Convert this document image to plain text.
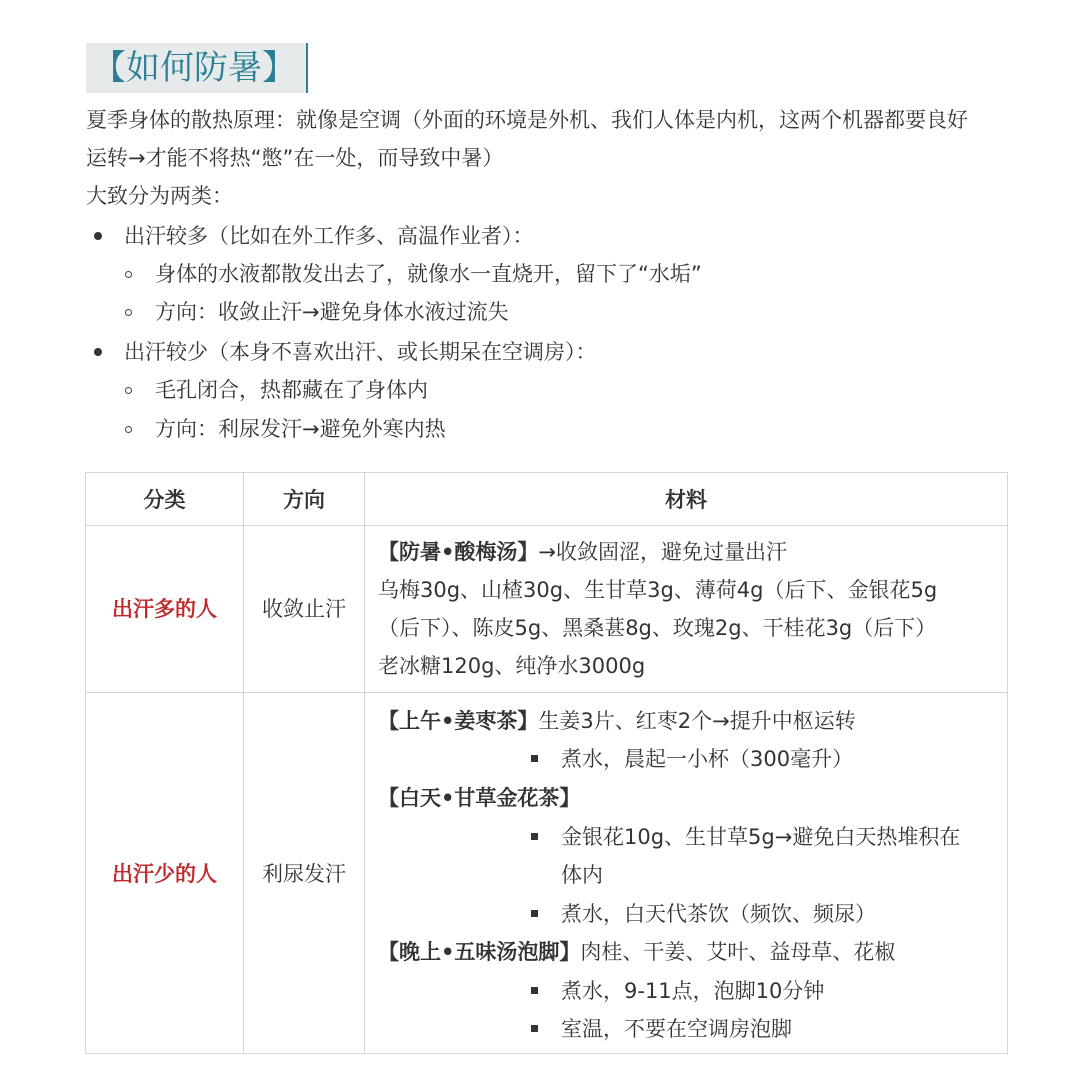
【如何防暑】
夏季身体的散热原理：就像是空调（外面的环境是外机、我们人体是内机，这两个机器都要良好
运转→才能不将热“憋”在一处，而导致中暑）
大致分为两类：
出汗较多（比如在外工作多、高温作业者）：
身体的水液都散发出去了，就像水一直烧开，留下了“水垢”
方向：收敛止汗→避免身体水液过流失
出汗较少（本身不喜欢出汗、或长期呆在空调房）：
毛孔闭合，热都藏在了身体内
方向：利尿发汗→避免外寒内热
分类	方向	材料
出汗多的人	收敛止汗
【防暑•酸梅汤】→收敛固涩，避免过量出汗
乌梅30g、山楂30g、生甘草3g、薄荷4g（后下、金银花5g
（后下）、陈皮5g、黑桑葚8g、玫瑰2g、干桂花3g（后下）
老冰糖120g、纯净水3000g
出汗少的人	利尿发汗
【上午•姜枣茶】生姜3片、红枣2个→提升中枢运转
煮水，晨起一小杯（300毫升）
【白天•甘草金花茶】
金银花10g、生甘草5g→避免白天热堆积在
体内
煮水，白天代茶饮（频饮、频尿）
【晚上•五味汤泡脚】肉桂、干姜、艾叶、益母草、花椒
煮水，9-11点，泡脚10分钟
室温，不要在空调房泡脚
